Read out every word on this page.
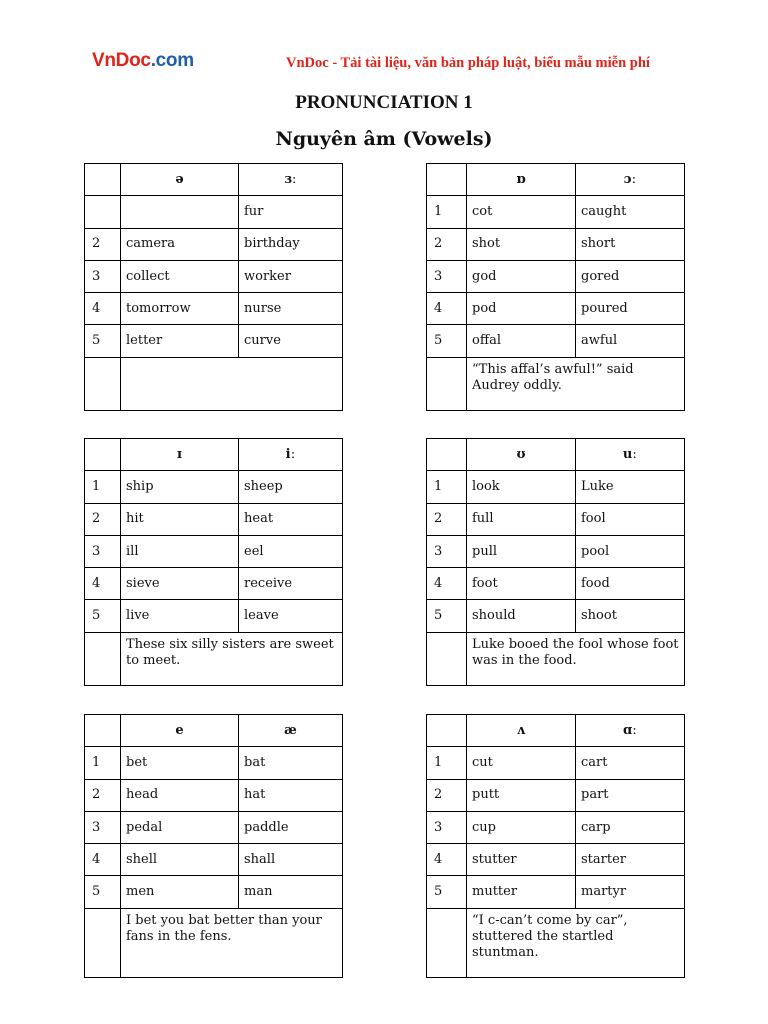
VnDoc.com	VnDoc - Tải tài liệu, văn bản pháp luật, biểu mẫu miễn phí
PRONUNCIATION 1
Nguyên âm (Vowels)
	ə	ɜː
		fur
2	camera	birthday
3	collect	worker
4	tomorrow	nurse
5	letter	curve

	ɒ	ɔː
1	cot	caught
2	shot	short
3	god	gored
4	pod	poured
5	offal	awful
	“This affal’s awful!” said Audrey oddly.	
	ɪ	iː
1	ship	sheep
2	hit	heat
3	ill	eel
4	sieve	receive
5	live	leave
	These six silly sisters are sweet to meet.	
	ʊ	uː
1	look	Luke
2	full	fool
3	pull	pool
4	foot	food
5	should	shoot
	Luke booed the fool whose foot was in the food.	
	e	æ
1	bet	bat
2	head	hat
3	pedal	paddle
4	shell	shall
5	men	man
	I bet you bat better than your fans in the fens.	
	ʌ	ɑː
1	cut	cart
2	putt	part
3	cup	carp
4	stutter	starter
5	mutter	martyr
	“I c-can’t come by car”, stuttered the startled stuntman.	
